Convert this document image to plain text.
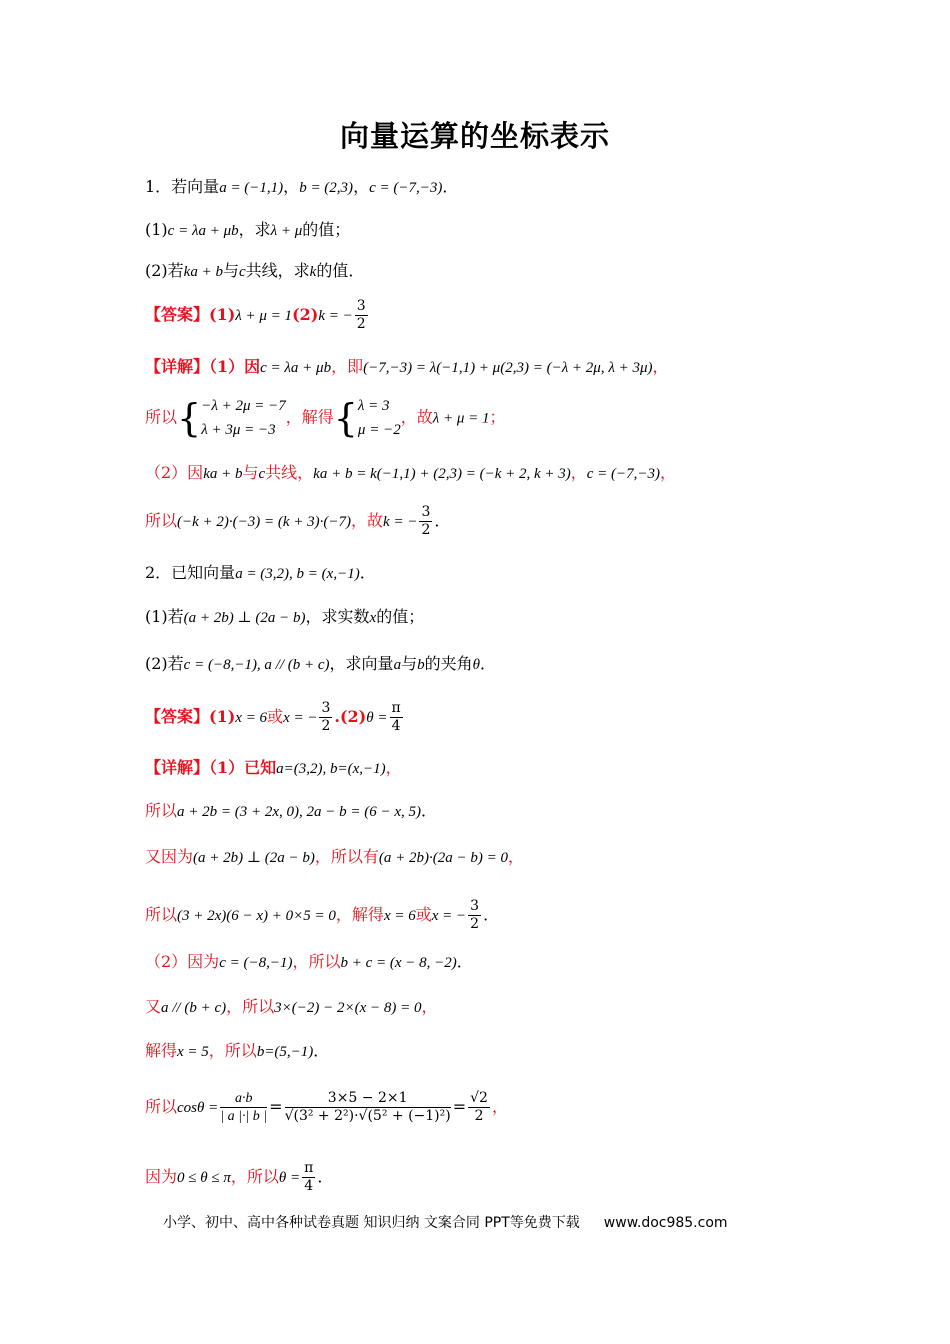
向量运算的坐标表示
1．若向量a = (−1,1)，b = (2,3)，c = (−7,−3)．
(1)c = λa + μb，求λ + μ的值；
(2)若ka + b与c共线，求k的值．
【答案】(1)λ + μ = 1(2)k = − $\frac{3}{2}$
【详解】（1）因c = λa + μb，即(−7,−3) = λ(−1,1) + μ(2,3) = (−λ + 2μ, λ + 3μ)，
所以{ −λ + 2μ = −7
λ + 3μ = −3
，解得{ λ = 3
μ = −2
，故λ + μ = 1；
（2）因ka + b与c共线，ka + b = k(−1,1) + (2,3) = (−k + 2, k + 3)，c = (−7,−3)，
所以(−k + 2)·(−3) = (k + 3)·(−7)，故k = − $\frac{3}{2}$ ．
2．已知向量a = (3,2), b = (x,−1)．
(1)若(a + 2b) ⊥ (2a − b)，求实数x的值；
(2)若c = (−8,−1), a // (b + c)，求向量a与b的夹角θ．
【答案】(1)x = 6或x = − $\frac{3}{2} .(2)\theta = \frac{\pi}{4}$
【详解】（1）已知a=(3,2), b=(x,−1)，
所以a + 2b = (3 + 2x, 0), 2a − b = (6 − x, 5)．
又因为(a + 2b) ⊥ (2a − b)，所以有(a + 2b)·(2a − b) = 0，
所以(3 + 2x)(6 − x) + 0×5 = 0，解得x = 6或x = − $\frac{3}{2}$ ．
（2）因为c = (−8,−1)，所以b + c = (x − 8, −2)．
又a // (b + c)，所以3×(−2) − 2×(x − 8) = 0，
解得x = 5，所以b=(5,−1)．
所以$\cos\theta = \frac{a\cdot b}{| a |\cdot| b |} = \frac{3\times 5 - 2\times 1}{\text{√(3² + 2²)·√(5² + (−1)²)}} = \frac{√2}{2}$ ，
因为0 ≤ θ ≤ π，所以$\theta = \frac{\pi}{4}$ ．
小学、初中、高中各种试卷真题 知识归纳 文案合同 PPT等免费下载 www.doc985.com
